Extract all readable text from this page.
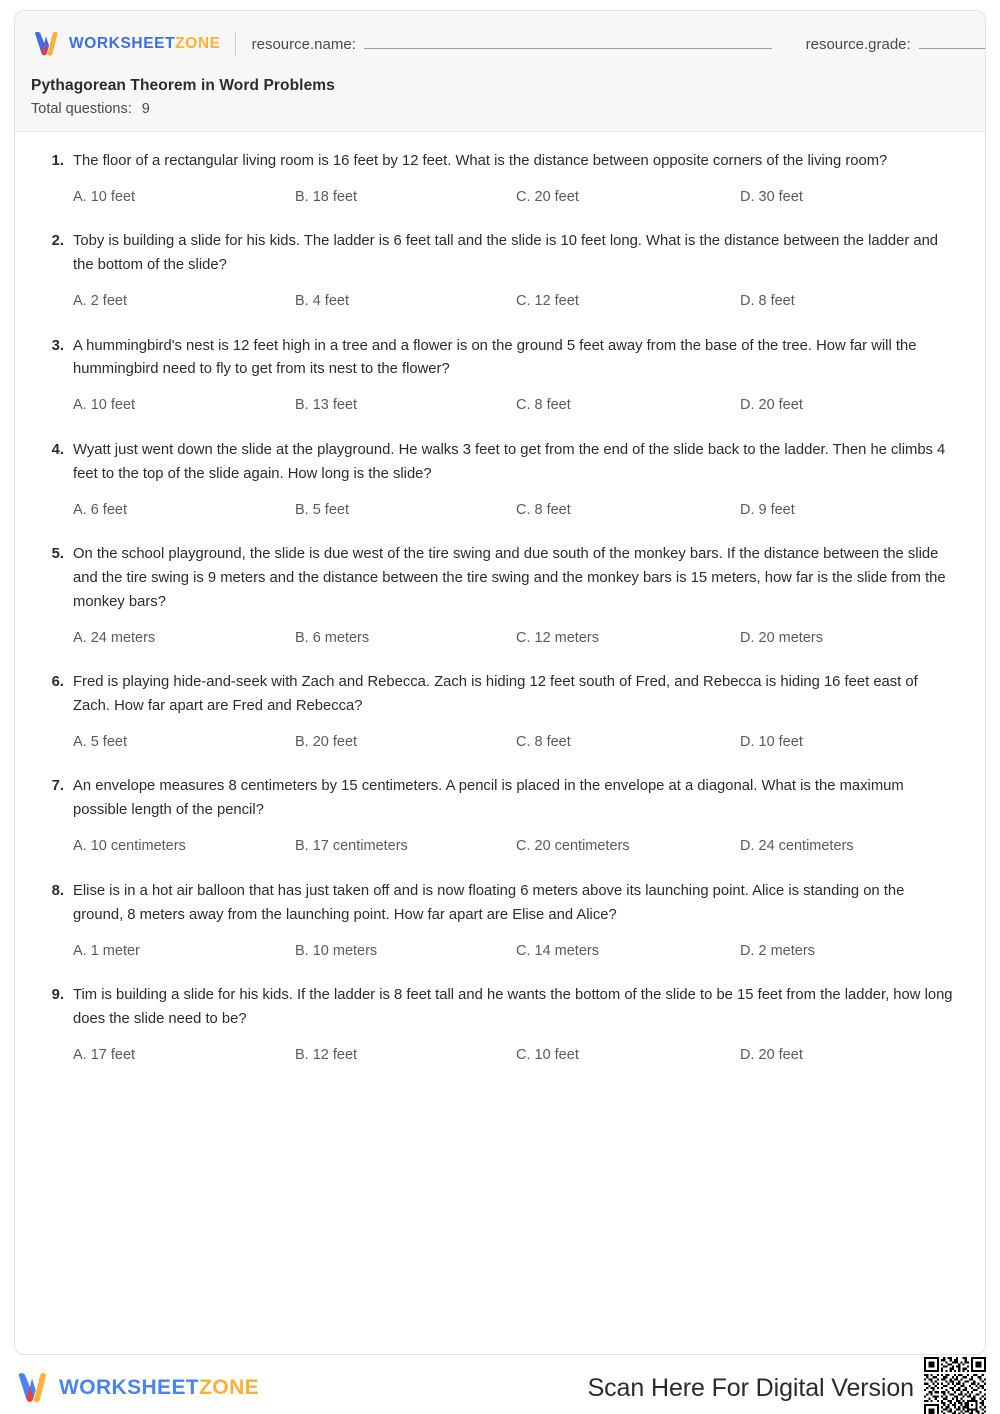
WORKSHEETZONE resource.name:	resource.grade:
Pythagorean Theorem in Word Problems
Total questions: 9
1. The floor of a rectangular living room is 16 feet by 12 feet. What is the distance between opposite corners of the living room?
A. 10 feet	B. 18 feet	C. 20 feet	D. 30 feet
2. Toby is building a slide for his kids. The ladder is 6 feet tall and the slide is 10 feet long. What is the distance between the ladder and the bottom of the slide?
A. 2 feet	B. 4 feet	C. 12 feet	D. 8 feet
3. A hummingbird's nest is 12 feet high in a tree and a flower is on the ground 5 feet away from the base of the tree. How far will the hummingbird need to fly to get from its nest to the flower?
A. 10 feet	B. 13 feet	C. 8 feet	D. 20 feet
4. Wyatt just went down the slide at the playground. He walks 3 feet to get from the end of the slide back to the ladder. Then he climbs 4 feet to the top of the slide again. How long is the slide?
A. 6 feet	B. 5 feet	C. 8 feet	D. 9 feet
5. On the school playground, the slide is due west of the tire swing and due south of the monkey bars. If the distance between the slide and the tire swing is 9 meters and the distance between the tire swing and the monkey bars is 15 meters, how far is the slide from the monkey bars?
A. 24 meters	B. 6 meters	C. 12 meters	D. 20 meters
6. Fred is playing hide-and-seek with Zach and Rebecca. Zach is hiding 12 feet south of Fred, and Rebecca is hiding 16 feet east of Zach. How far apart are Fred and Rebecca?
A. 5 feet	B. 20 feet	C. 8 feet	D. 10 feet
7. An envelope measures 8 centimeters by 15 centimeters. A pencil is placed in the envelope at a diagonal. What is the maximum possible length of the pencil?
A. 10 centimeters	B. 17 centimeters	C. 20 centimeters	D. 24 centimeters
8. Elise is in a hot air balloon that has just taken off and is now floating 6 meters above its launching point. Alice is standing on the ground, 8 meters away from the launching point. How far apart are Elise and Alice?
A. 1 meter	B. 10 meters	C. 14 meters	D. 2 meters
9. Tim is building a slide for his kids. If the ladder is 8 feet tall and he wants the bottom of the slide to be 15 feet from the ladder, how long does the slide need to be?
A. 17 feet	B. 12 feet	C. 10 feet	D. 20 feet
WORKSHEETZONE	Scan Here For Digital Version
